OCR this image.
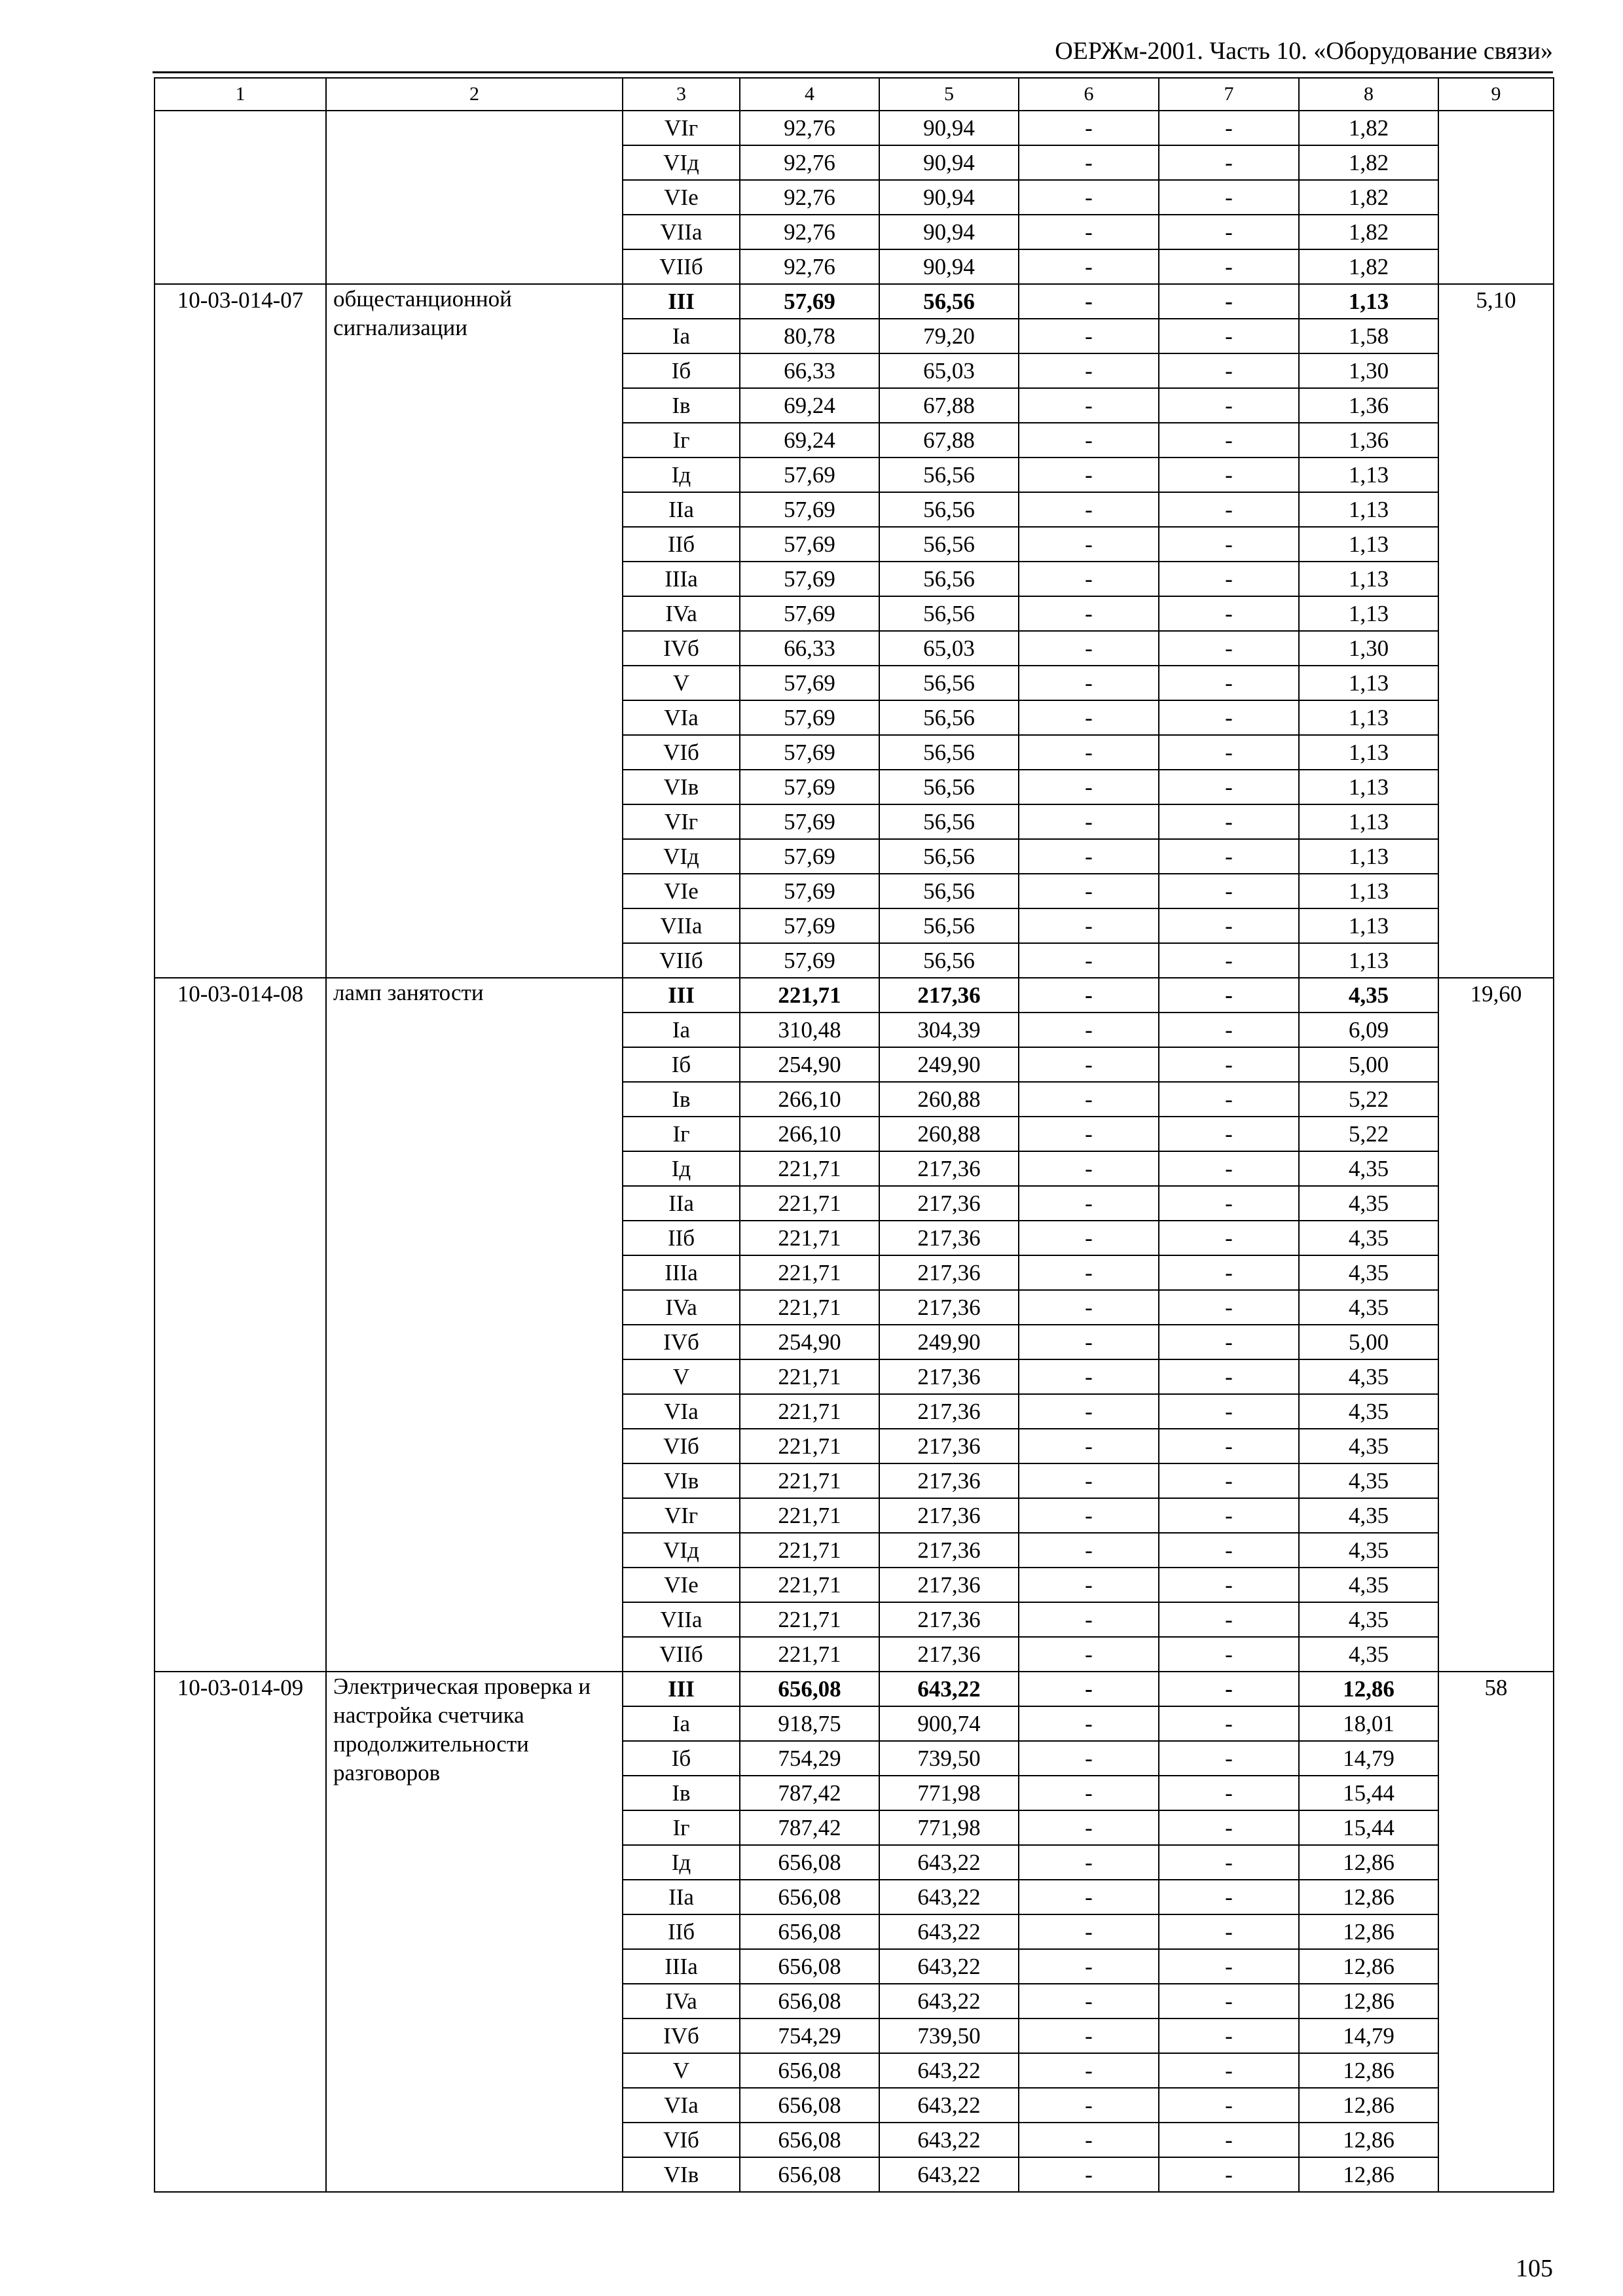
ОЕРЖм-2001. Часть 10. «Оборудование связи»
1	2	3	4	5	6	7	8	9
		VIг	92,76	90,94	-	-	1,82	
		VIд	92,76	90,94	-	-	1,82	
		VIe	92,76	90,94	-	-	1,82	
		VIIa	92,76	90,94	-	-	1,82	
		VIIб	92,76	90,94	-	-	1,82	
10-03-014-07	общестанционной сигнализации	III	57,69	56,56	-	-	1,13	5,10
		Ia	80,78	79,20	-	-	1,58	
		Iб	66,33	65,03	-	-	1,30	
		Iв	69,24	67,88	-	-	1,36	
		Iг	69,24	67,88	-	-	1,36	
		Iд	57,69	56,56	-	-	1,13	
		IIa	57,69	56,56	-	-	1,13	
		IIб	57,69	56,56	-	-	1,13	
		IIIa	57,69	56,56	-	-	1,13	
		IVa	57,69	56,56	-	-	1,13	
		IVб	66,33	65,03	-	-	1,30	
		V	57,69	56,56	-	-	1,13	
		VIa	57,69	56,56	-	-	1,13	
		VIб	57,69	56,56	-	-	1,13	
		VIв	57,69	56,56	-	-	1,13	
		VIг	57,69	56,56	-	-	1,13	
		VIд	57,69	56,56	-	-	1,13	
		VIe	57,69	56,56	-	-	1,13	
		VIIa	57,69	56,56	-	-	1,13	
		VIIб	57,69	56,56	-	-	1,13	
10-03-014-08	ламп занятости	III	221,71	217,36	-	-	4,35	19,60
		Ia	310,48	304,39	-	-	6,09	
		Iб	254,90	249,90	-	-	5,00	
		Iв	266,10	260,88	-	-	5,22	
		Iг	266,10	260,88	-	-	5,22	
		Iд	221,71	217,36	-	-	4,35	
		IIa	221,71	217,36	-	-	4,35	
		IIб	221,71	217,36	-	-	4,35	
		IIIa	221,71	217,36	-	-	4,35	
		IVa	221,71	217,36	-	-	4,35	
		IVб	254,90	249,90	-	-	5,00	
		V	221,71	217,36	-	-	4,35	
		VIa	221,71	217,36	-	-	4,35	
		VIб	221,71	217,36	-	-	4,35	
		VIв	221,71	217,36	-	-	4,35	
		VIг	221,71	217,36	-	-	4,35	
		VIд	221,71	217,36	-	-	4,35	
		VIe	221,71	217,36	-	-	4,35	
		VIIa	221,71	217,36	-	-	4,35	
		VIIб	221,71	217,36	-	-	4,35	
10-03-014-09	Электрическая проверка и настройка счетчика продолжительности разговоров	III	656,08	643,22	-	-	12,86	58
		Ia	918,75	900,74	-	-	18,01	
		Iб	754,29	739,50	-	-	14,79	
		Iв	787,42	771,98	-	-	15,44	
		Iг	787,42	771,98	-	-	15,44	
		Iд	656,08	643,22	-	-	12,86	
		IIa	656,08	643,22	-	-	12,86	
		IIб	656,08	643,22	-	-	12,86	
		IIIa	656,08	643,22	-	-	12,86	
		IVa	656,08	643,22	-	-	12,86	
		IVб	754,29	739,50	-	-	14,79	
		V	656,08	643,22	-	-	12,86	
		VIa	656,08	643,22	-	-	12,86	
		VIб	656,08	643,22	-	-	12,86	
		VIв	656,08	643,22	-	-	12,86	
105
